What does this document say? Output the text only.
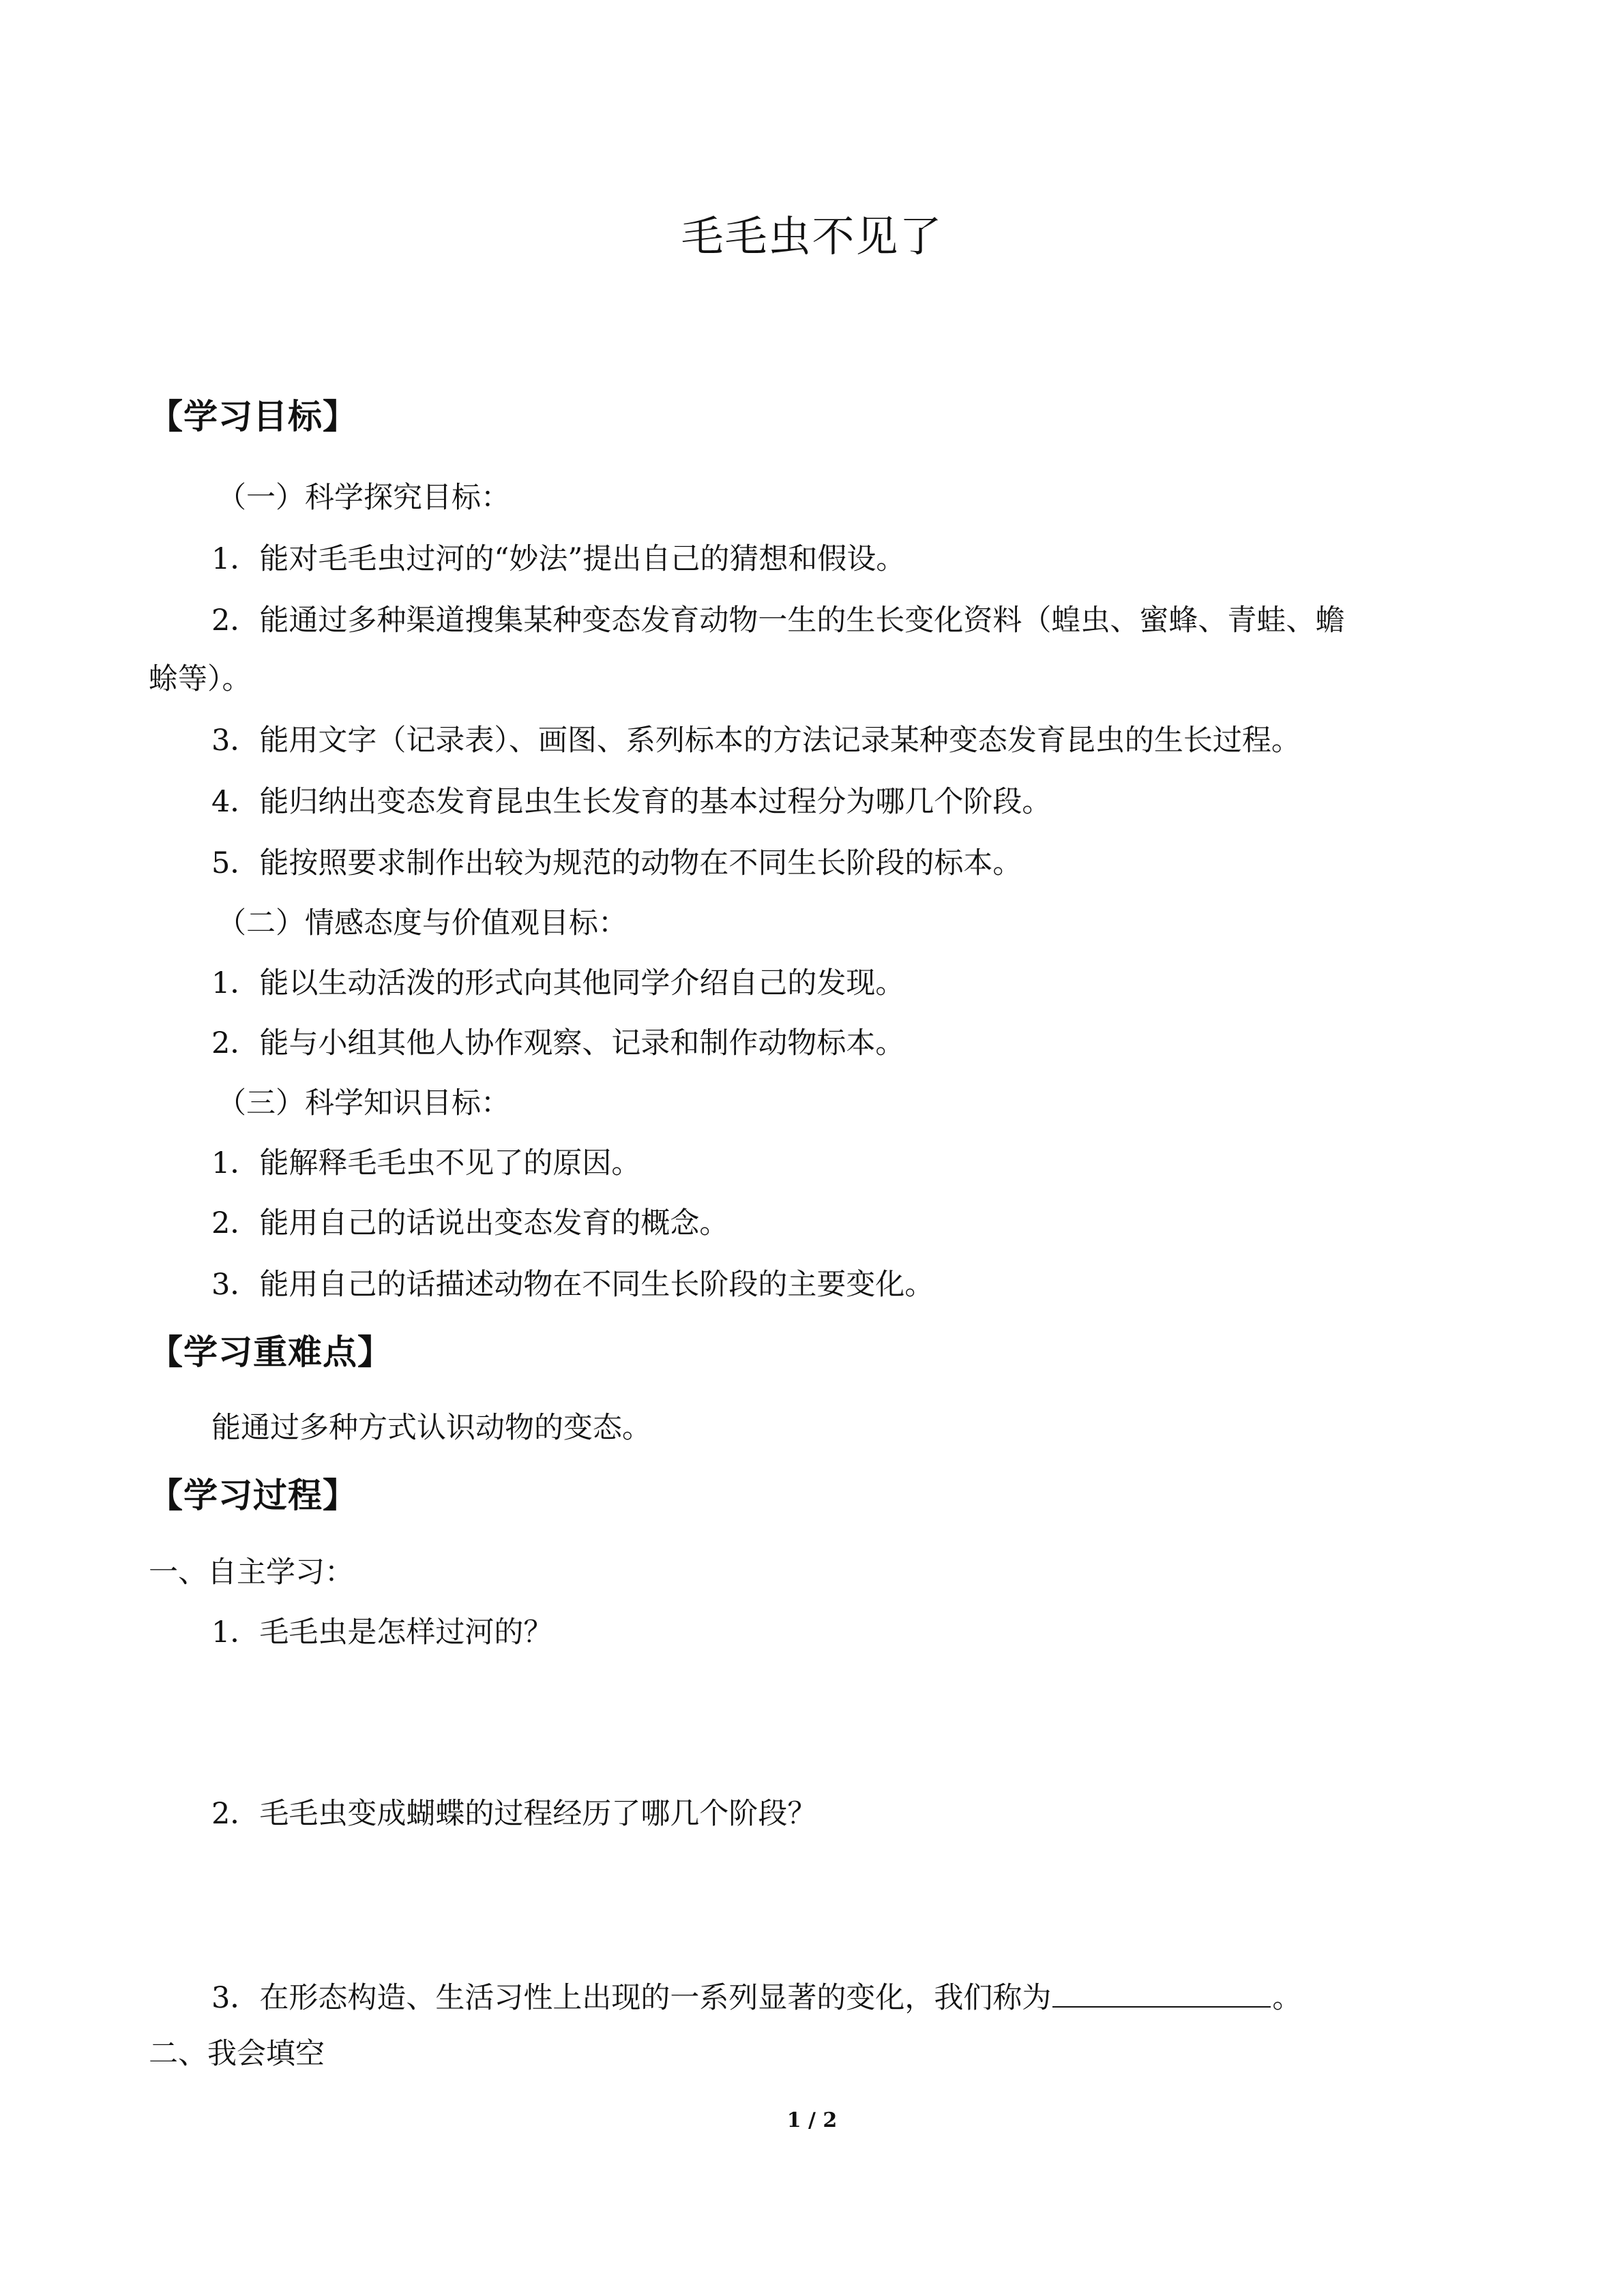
毛毛虫不见了
【学习目标】
（一）科学探究目标：
1．能对毛毛虫过河的“妙法”提出自己的猜想和假设。
2．能通过多种渠道搜集某种变态发育动物一生的生长变化资料（蝗虫、蜜蜂、青蛙、蟾
蜍等）。
3．能用文字（记录表）、画图、系列标本的方法记录某种变态发育昆虫的生长过程。
4．能归纳出变态发育昆虫生长发育的基本过程分为哪几个阶段。
5．能按照要求制作出较为规范的动物在不同生长阶段的标本。
（二）情感态度与价值观目标：
1．能以生动活泼的形式向其他同学介绍自己的发现。
2．能与小组其他人协作观察、记录和制作动物标本。
（三）科学知识目标：
1．能解释毛毛虫不见了的原因。
2．能用自己的话说出变态发育的概念。
3．能用自己的话描述动物在不同生长阶段的主要变化。
【学习重难点】
能通过多种方式认识动物的变态。
【学习过程】
一、自主学习：
1．毛毛虫是怎样过河的？
2．毛毛虫变成蝴蝶的过程经历了哪几个阶段？
3．在形态构造、生活习性上出现的一系列显著的变化，我们称为	。
二、我会填空
1 / 2
